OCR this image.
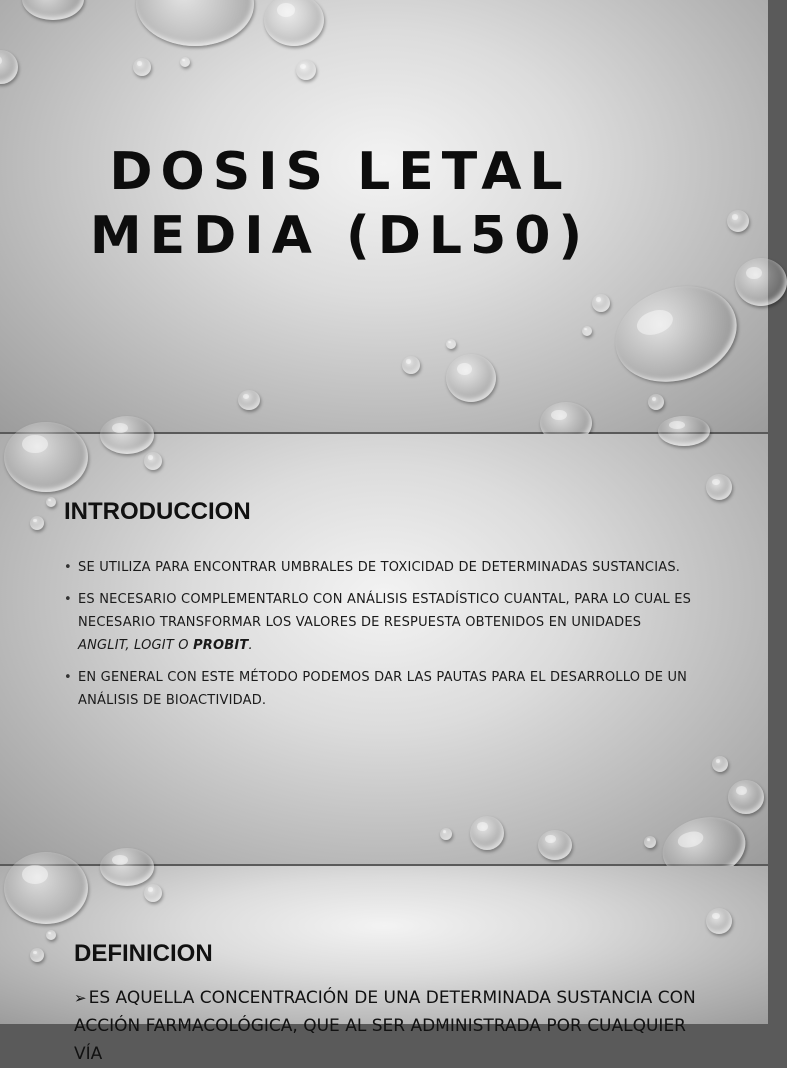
DOSIS LETAL
MEDIA (DL50)
INTRODUCCION
• SE UTILIZA PARA ENCONTRAR UMBRALES DE TOXICIDAD DE DETERMINADAS SUSTANCIAS.
• ES NECESARIO COMPLEMENTARLO CON ANÁLISIS ESTADÍSTICO CUANTAL, PARA LO CUAL ES NECESARIO TRANSFORMAR LOS VALORES DE RESPUESTA OBTENIDOS EN UNIDADES ANGLIT, LOGIT O PROBIT.
• EN GENERAL CON ESTE MÉTODO PODEMOS DAR LAS PAUTAS PARA EL DESARROLLO DE UN ANÁLISIS DE BIOACTIVIDAD.
DEFINICION

➢ ES AQUELLA CONCENTRACIÓN DE UNA DETERMINADA SUSTANCIA CON ACCIÓN FARMACOLÓGICA, QUE AL SER ADMINISTRADA POR CUALQUIER VÍA
